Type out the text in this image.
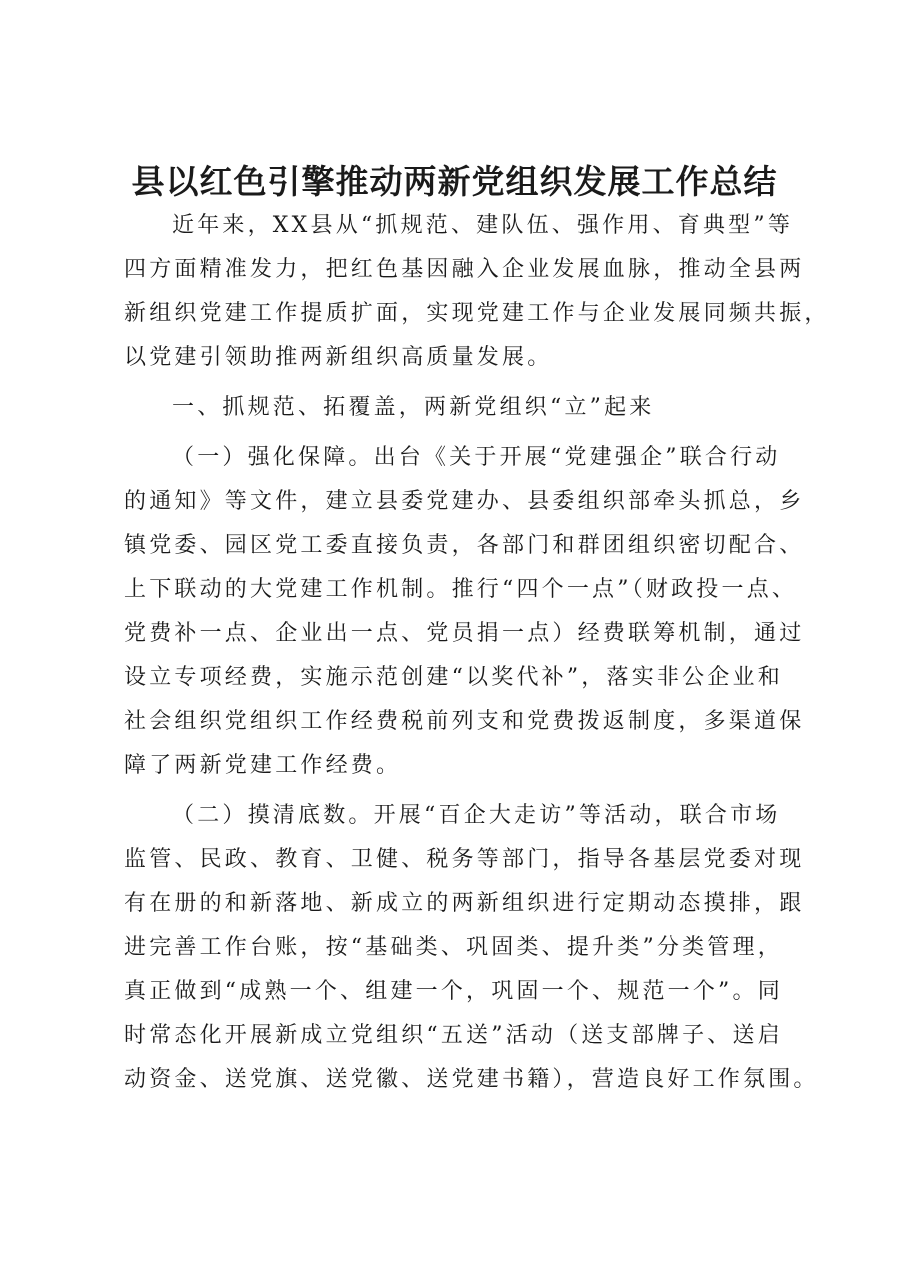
县以红色引擎推动两新党组织发展工作总结

近年来，XX县从“抓规范、建队伍、强作用、育典型”等
四方面精准发力，把红色基因融入企业发展血脉，推动全县两
新组织党建工作提质扩面，实现党建工作与企业发展同频共振，
以党建引领助推两新组织高质量发展。

一、抓规范、拓覆盖，两新党组织“立”起来

（一）强化保障。出台《关于开展“党建强企”联合行动
的通知》等文件，建立县委党建办、县委组织部牵头抓总，乡
镇党委、园区党工委直接负责，各部门和群团组织密切配合、
上下联动的大党建工作机制。推行“四个一点”（财政投一点、
党费补一点、企业出一点、党员捐一点）经费联筹机制，通过
设立专项经费，实施示范创建“以奖代补”，落实非公企业和
社会组织党组织工作经费税前列支和党费拨返制度，多渠道保
障了两新党建工作经费。

（二）摸清底数。开展“百企大走访”等活动，联合市场
监管、民政、教育、卫健、税务等部门，指导各基层党委对现
有在册的和新落地、新成立的两新组织进行定期动态摸排，跟
进完善工作台账，按“基础类、巩固类、提升类”分类管理，
真正做到“成熟一个、组建一个，巩固一个、规范一个”。同
时常态化开展新成立党组织“五送”活动（送支部牌子、送启
动资金、送党旗、送党徽、送党建书籍），营造良好工作氛围。
